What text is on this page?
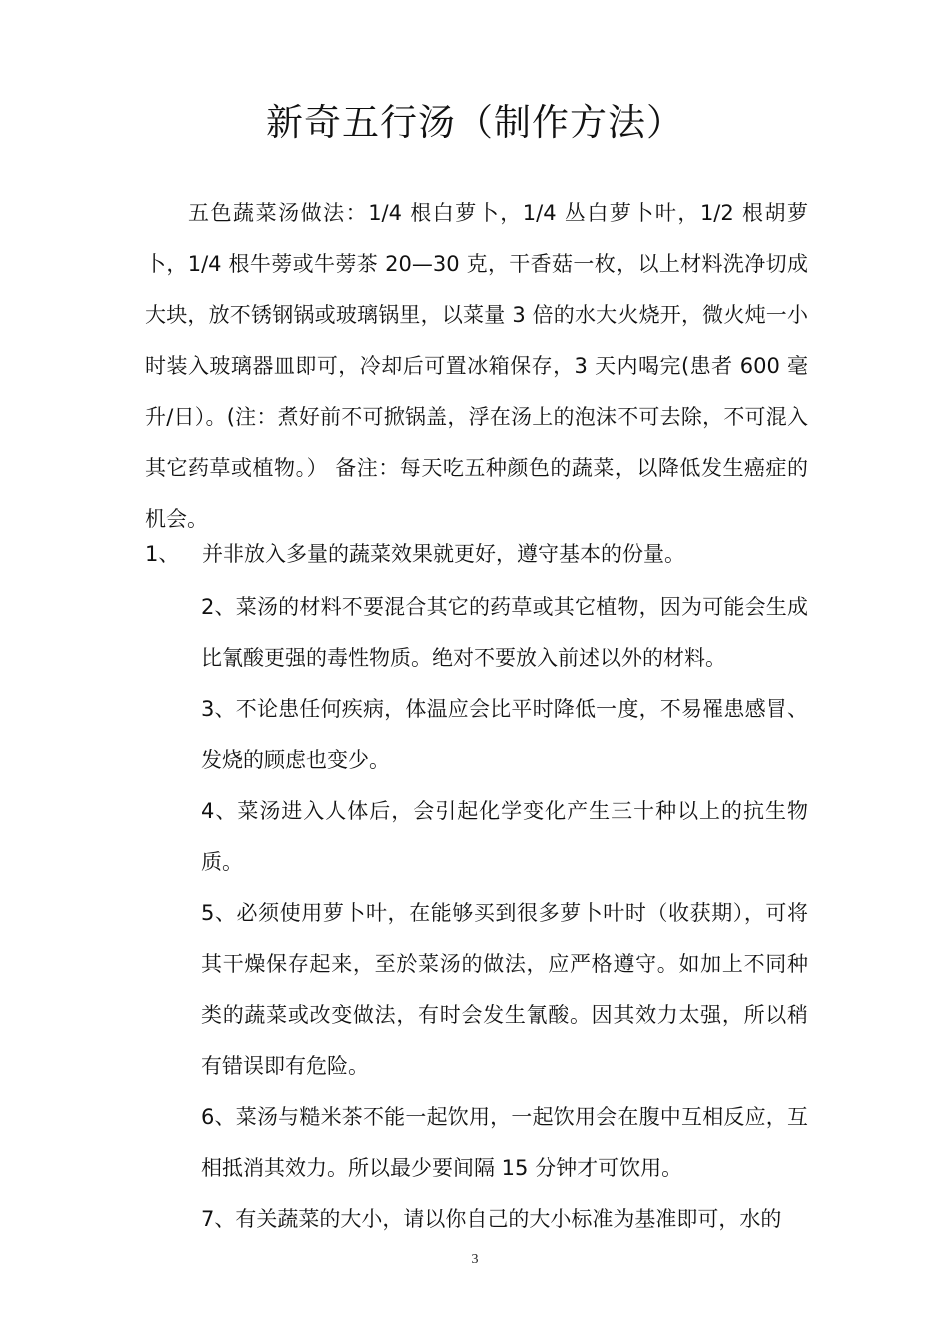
新奇五行汤（制作方法）

五色蔬菜汤做法：1/4 根白萝卜，1/4 丛白萝卜叶，1/2 根胡萝卜，1/4 根牛蒡或牛蒡茶 20—30 克，干香菇一枚，以上材料洗净切成大块，放不锈钢锅或玻璃锅里，以菜量 3 倍的水大火烧开，微火炖一小时装入玻璃器皿即可，冷却后可置冰箱保存，3 天内喝完(患者 600 毫升/日）。(注：煮好前不可掀锅盖，浮在汤上的泡沫不可去除，不可混入其它药草或植物。） 备注：每天吃五种颜色的蔬菜，以降低发生癌症的机会。

1、 并非放入多量的蔬菜效果就更好，遵守基本的份量。

2、菜汤的材料不要混合其它的药草或其它植物，因为可能会生成比氰酸更强的毒性物质。绝对不要放入前述以外的材料。
3、不论患任何疾病，体温应会比平时降低一度，不易罹患感冒、发烧的顾虑也变少。
4、菜汤进入人体后，会引起化学变化产生三十种以上的抗生物质。
5、必须使用萝卜叶，在能够买到很多萝卜叶时（收获期），可将其干燥保存起来，至於菜汤的做法，应严格遵守。如加上不同种类的蔬菜或改变做法，有时会发生氰酸。因其效力太强，所以稍有错误即有危险。
6、菜汤与糙米茶不能一起饮用，一起饮用会在腹中互相反应，互相抵消其效力。所以最少要间隔 15 分钟才可饮用。
7、有关蔬菜的大小，请以你自己的大小标准为基准即可，水的
3
